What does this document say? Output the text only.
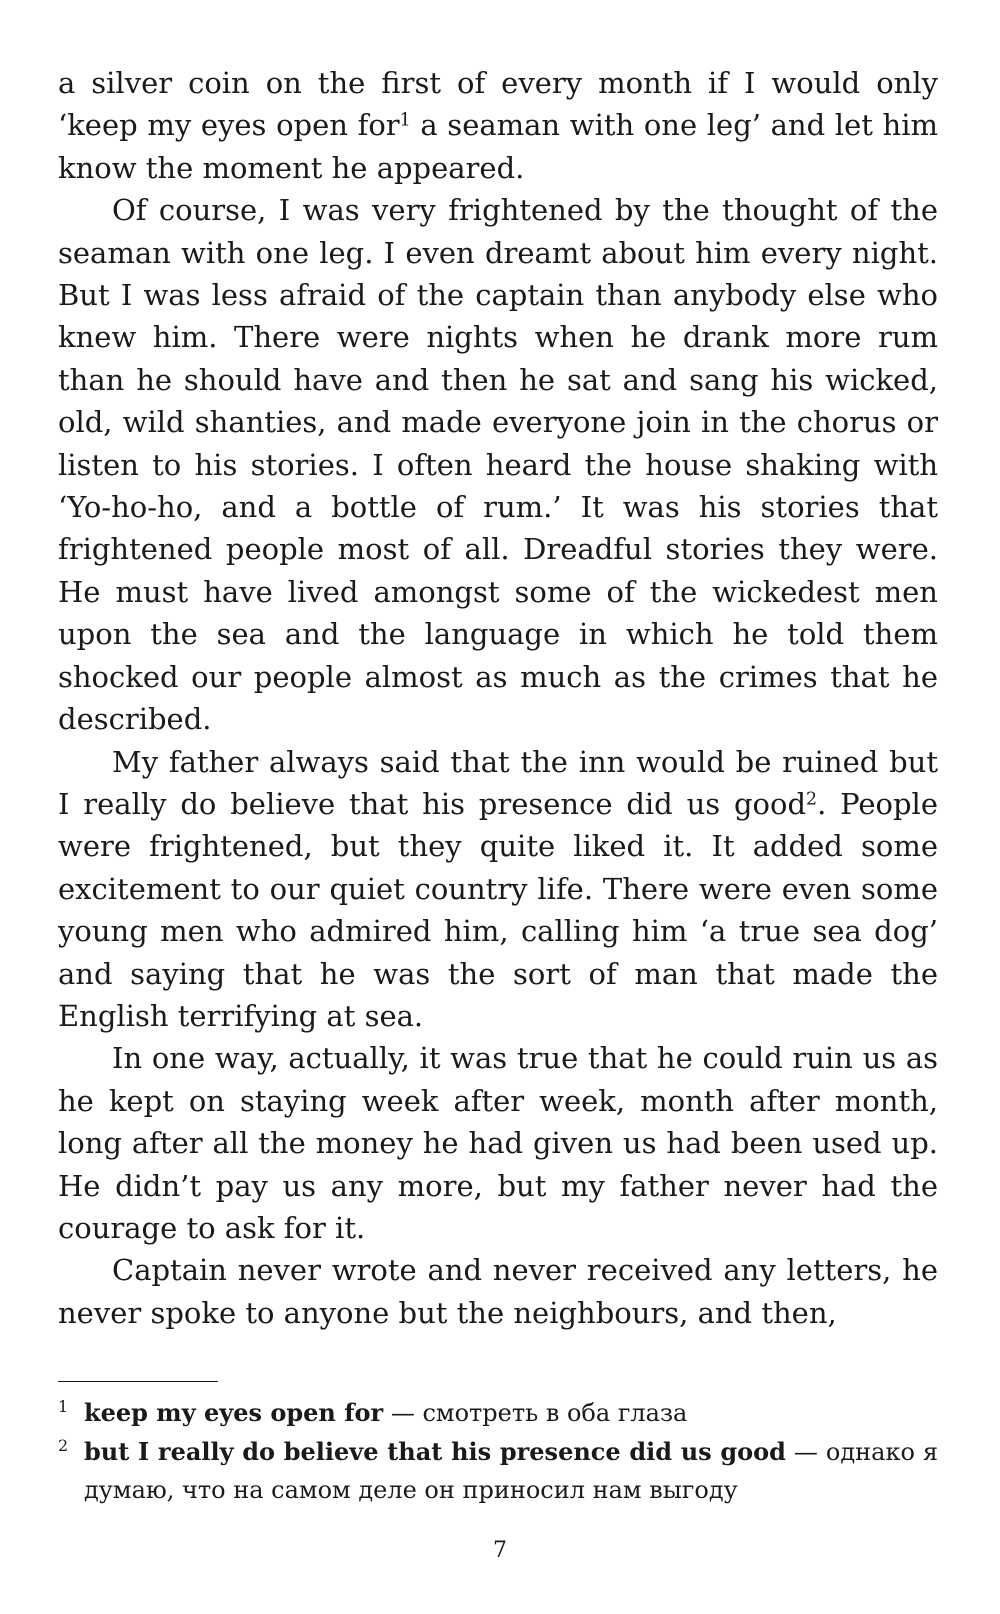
a silver coin on the first of every month if I would only ‘keep my eyes open for$^1$ a seaman with one leg’ and let him know the moment he appeared.

Of course, I was very frightened by the thought of the seaman with one leg. I even dreamt about him every night. But I was less afraid of the captain than anybody else who knew him. There were nights when he drank more rum than he should have and then he sat and sang his wicked, old, wild shanties, and made everyone join in the chorus or listen to his stories. I often heard the house shaking with ‘Yo-ho-ho, and a bottle of rum.’ It was his stories that frightened people most of all. Dreadful stories they were. He must have lived amongst some of the wickedest men upon the sea and the language in which he told them shocked our people almost as much as the crimes that he described.

My father always said that the inn would be ruined but I really do believe that his presence did us good$^2$. People were frightened, but they quite liked it. It added some excitement to our quiet country life. There were even some young men who admired him, calling him ‘a true sea dog’ and saying that he was the sort of man that made the English terrifying at sea.

In one way, actually, it was true that he could ruin us as he kept on staying week after week, month after month, long after all the money he had given us had been used up. He didn’t pay us any more, but my father never had the courage to ask for it.

Captain never wrote and never received any letters, he never spoke to anyone but the neighbours, and then,

1 keep my eyes open for — смотреть в оба глаза
2 but I really do believe that his presence did us good — однако я думаю, что на самом деле он приносил нам выгоду
7
